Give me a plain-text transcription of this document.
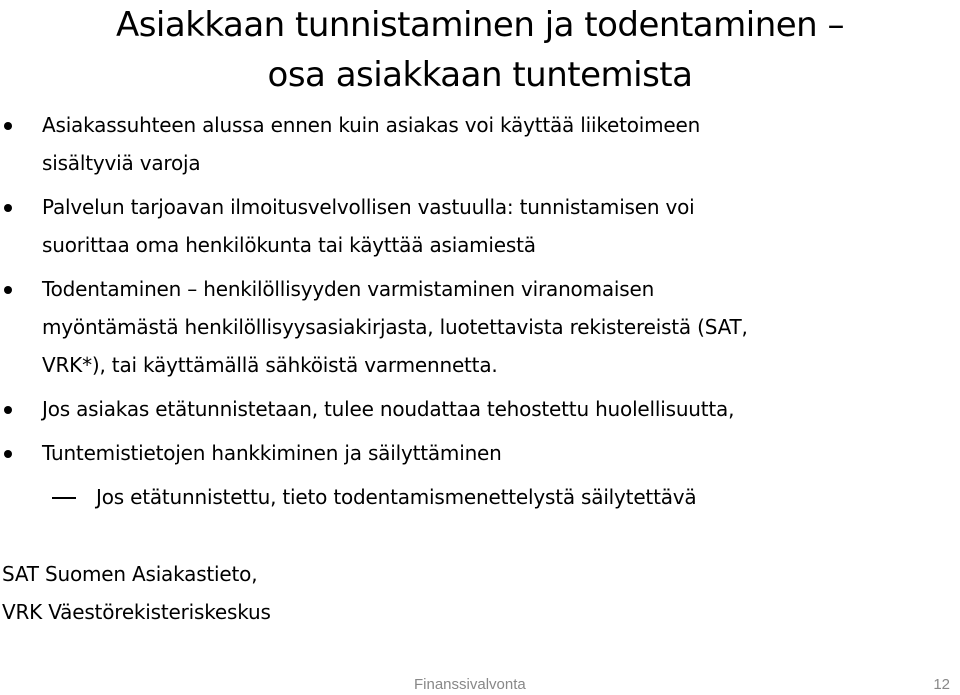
Asiakkaan tunnistaminen ja todentaminen –
osa asiakkaan tuntemista
Asiakassuhteen alussa ennen kuin asiakas voi käyttää liiketoimeen
sisältyviä varoja
Palvelun tarjoavan ilmoitusvelvollisen vastuulla: tunnistamisen voi
suorittaa oma henkilökunta tai käyttää asiamiestä
Todentaminen – henkilöllisyyden varmistaminen viranomaisen
myöntämästä henkilöllisyysasiakirjasta, luotettavista rekistereistä (SAT,
VRK*), tai käyttämällä sähköistä varmennetta.
Jos asiakas etätunnistetaan, tulee noudattaa tehostettu huolellisuutta,
Tuntemistietojen hankkiminen ja säilyttäminen
Jos etätunnistettu, tieto todentamismenettelystä säilytettävä
SAT Suomen Asiakastieto,
VRK Väestörekisteriskeskus
Finanssivalvonta	12
